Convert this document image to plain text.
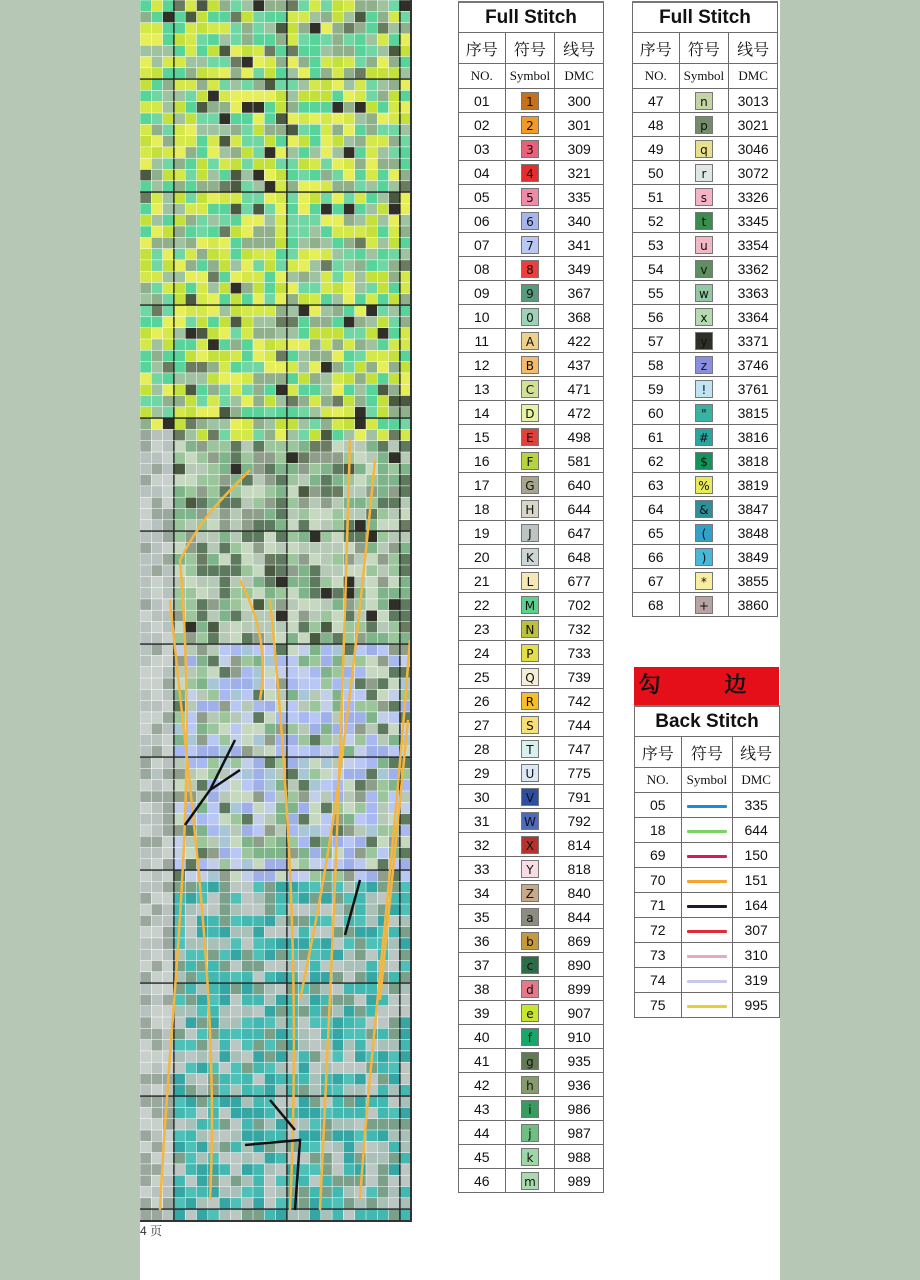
4 页
Full Stitch		
序号	符号	线号
NO.	Symbol	DMC
01	1	300
02	2	301
03	3	309
04	4	321
05	5	335
06	6	340
07	7	341
08	8	349
09	9	367
10	0	368
11	A	422
12	B	437
13	C	471
14	D	472
15	E	498
16	F	581
17	G	640
18	H	644
19	J	647
20	K	648
21	L	677
22	M	702
23	N	732
24	P	733
25	Q	739
26	R	742
27	S	744
28	T	747
29	U	775
30	V	791
31	W	792
32	X	814
33	Y	818
34	Z	840
35	a	844
36	b	869
37	c	890
38	d	899
39	e	907
40	f	910
41	g	935
42	h	936
43	i	986
44	j	987
45	k	988
46	m	989
Full Stitch		
序号	符号	线号
NO.	Symbol	DMC
47	n	3013
48	p	3021
49	q	3046
50	r	3072
51	s	3326
52	t	3345
53	u	3354
54	v	3362
55	w	3363
56	x	3364
57	y	3371
58	z	3746
59	!	3761
60	"	3815
61	#	3816
62	$	3818
63	%	3819
64	&	3847
65	(	3848
66	)	3849
67	*	3855
68	+	3860
勾 边
Back Stitch		
序号	符号	线号
NO.	Symbol	DMC
05		335
18		644
69		150
70		151
71		164
72		307
73		310
74		319
75		995
